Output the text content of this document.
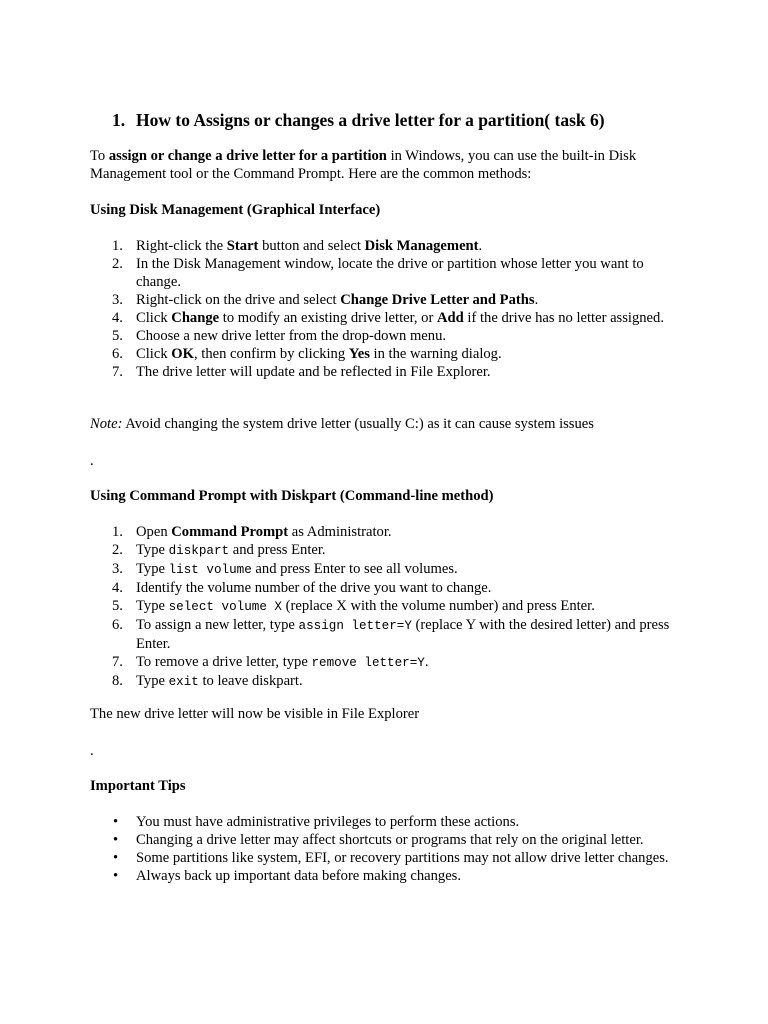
1. How to Assigns or changes a drive letter for a partition( task 6)
To assign or change a drive letter for a partition in Windows, you can use the built-in Disk Management tool or the Command Prompt. Here are the common methods:
Using Disk Management (Graphical Interface)
1. Right-click the Start button and select Disk Management.
2. In the Disk Management window, locate the drive or partition whose letter you want to change.
3. Right-click on the drive and select Change Drive Letter and Paths.
4. Click Change to modify an existing drive letter, or Add if the drive has no letter assigned.
5. Choose a new drive letter from the drop-down menu.
6. Click OK, then confirm by clicking Yes in the warning dialog.
7. The drive letter will update and be reflected in File Explorer.
Note: Avoid changing the system drive letter (usually C:) as it can cause system issues
.
Using Command Prompt with Diskpart (Command-line method)
1. Open Command Prompt as Administrator.
2. Type diskpart and press Enter.
3. Type list volume and press Enter to see all volumes.
4. Identify the volume number of the drive you want to change.
5. Type select volume X (replace X with the volume number) and press Enter.
6. To assign a new letter, type assign letter=Y (replace Y with the desired letter) and press Enter.
7. To remove a drive letter, type remove letter=Y.
8. Type exit to leave diskpart.
The new drive letter will now be visible in File Explorer
.
Important Tips
• You must have administrative privileges to perform these actions.
• Changing a drive letter may affect shortcuts or programs that rely on the original letter.
• Some partitions like system, EFI, or recovery partitions may not allow drive letter changes.
• Always back up important data before making changes.
